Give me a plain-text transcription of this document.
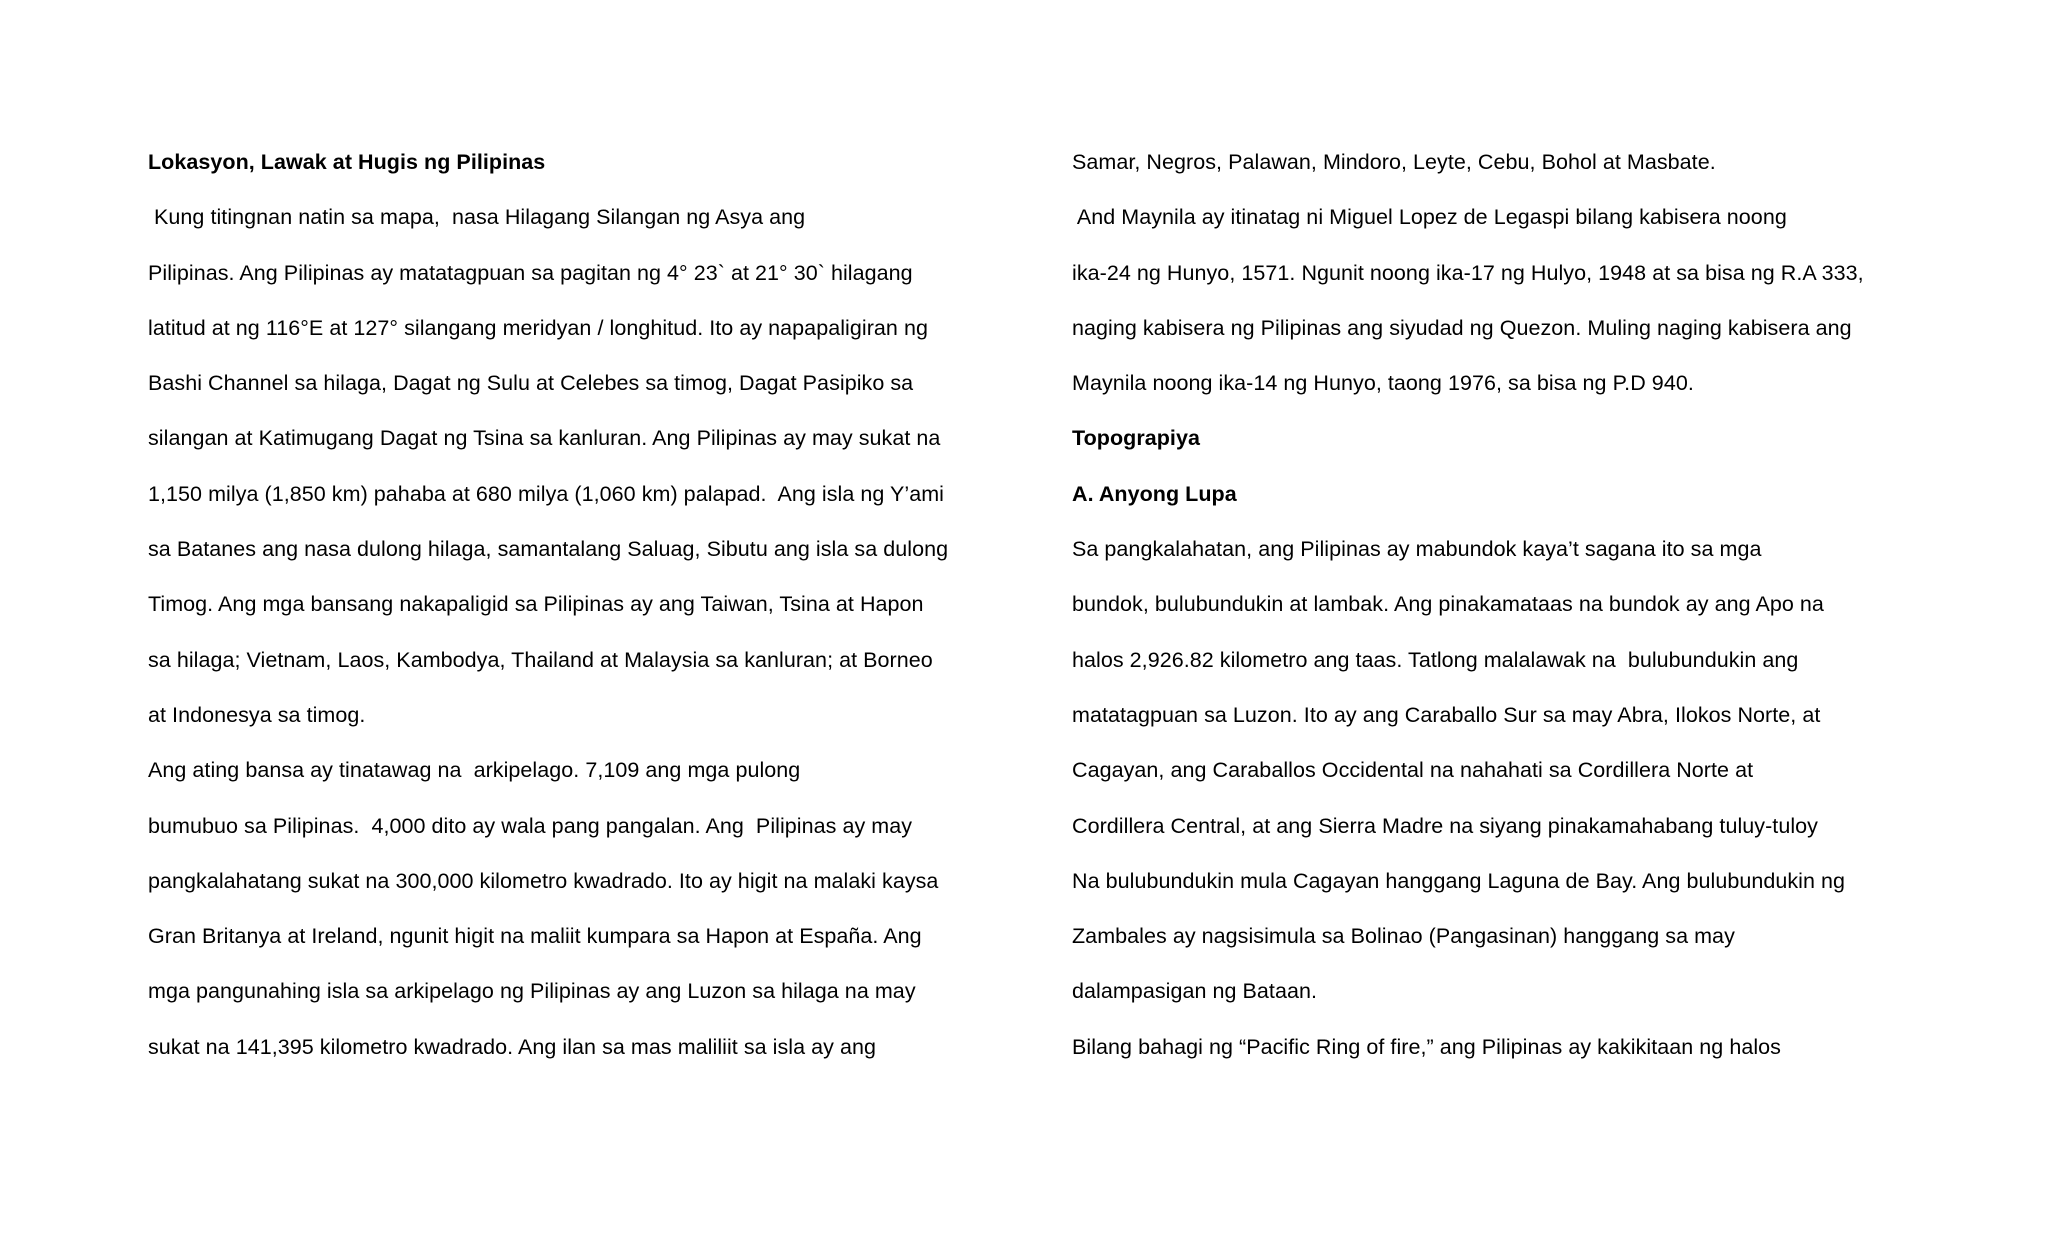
Lokasyon, Lawak at Hugis ng Pilipinas
Kung titingnan natin sa mapa,  nasa Hilagang Silangan ng Asya ang
Pilipinas. Ang Pilipinas ay matatagpuan sa pagitan ng 4° 23` at 21° 30` hilagang
latitud at ng 116°E at 127° silangang meridyan / longhitud. Ito ay napapaligiran ng
Bashi Channel sa hilaga, Dagat ng Sulu at Celebes sa timog, Dagat Pasipiko sa
silangan at Katimugang Dagat ng Tsina sa kanluran. Ang Pilipinas ay may sukat na
1,150 milya (1,850 km) pahaba at 680 milya (1,060 km) palapad.  Ang isla ng Y’ami
sa Batanes ang nasa dulong hilaga, samantalang Saluag, Sibutu ang isla sa dulong
Timog. Ang mga bansang nakapaligid sa Pilipinas ay ang Taiwan, Tsina at Hapon
sa hilaga; Vietnam, Laos, Kambodya, Thailand at Malaysia sa kanluran; at Borneo
at Indonesya sa timog.
Ang ating bansa ay tinatawag na  arkipelago. 7,109 ang mga pulong
bumubuo sa Pilipinas.  4,000 dito ay wala pang pangalan. Ang  Pilipinas ay may
pangkalahatang sukat na 300,000 kilometro kwadrado. Ito ay higit na malaki kaysa
Gran Britanya at Ireland, ngunit higit na maliit kumpara sa Hapon at España. Ang
mga pangunahing isla sa arkipelago ng Pilipinas ay ang Luzon sa hilaga na may
sukat na 141,395 kilometro kwadrado. Ang ilan sa mas maliliit sa isla ay ang
Samar, Negros, Palawan, Mindoro, Leyte, Cebu, Bohol at Masbate.
And Maynila ay itinatag ni Miguel Lopez de Legaspi bilang kabisera noong
ika-24 ng Hunyo, 1571. Ngunit noong ika-17 ng Hulyo, 1948 at sa bisa ng R.A 333,
naging kabisera ng Pilipinas ang siyudad ng Quezon. Muling naging kabisera ang
Maynila noong ika-14 ng Hunyo, taong 1976, sa bisa ng P.D 940.
Topograpiya
A. Anyong Lupa
Sa pangkalahatan, ang Pilipinas ay mabundok kaya’t sagana ito sa mga
bundok, bulubundukin at lambak. Ang pinakamataas na bundok ay ang Apo na
halos 2,926.82 kilometro ang taas. Tatlong malalawak na  bulubundukin ang
matatagpuan sa Luzon. Ito ay ang Caraballo Sur sa may Abra, Ilokos Norte, at
Cagayan, ang Caraballos Occidental na nahahati sa Cordillera Norte at
Cordillera Central, at ang Sierra Madre na siyang pinakamahabang tuluy-tuloy
Na bulubundukin mula Cagayan hanggang Laguna de Bay. Ang bulubundukin ng
Zambales ay nagsisimula sa Bolinao (Pangasinan) hanggang sa may
dalampasigan ng Bataan.
Bilang bahagi ng “Pacific Ring of fire,” ang Pilipinas ay kakikitaan ng halos
